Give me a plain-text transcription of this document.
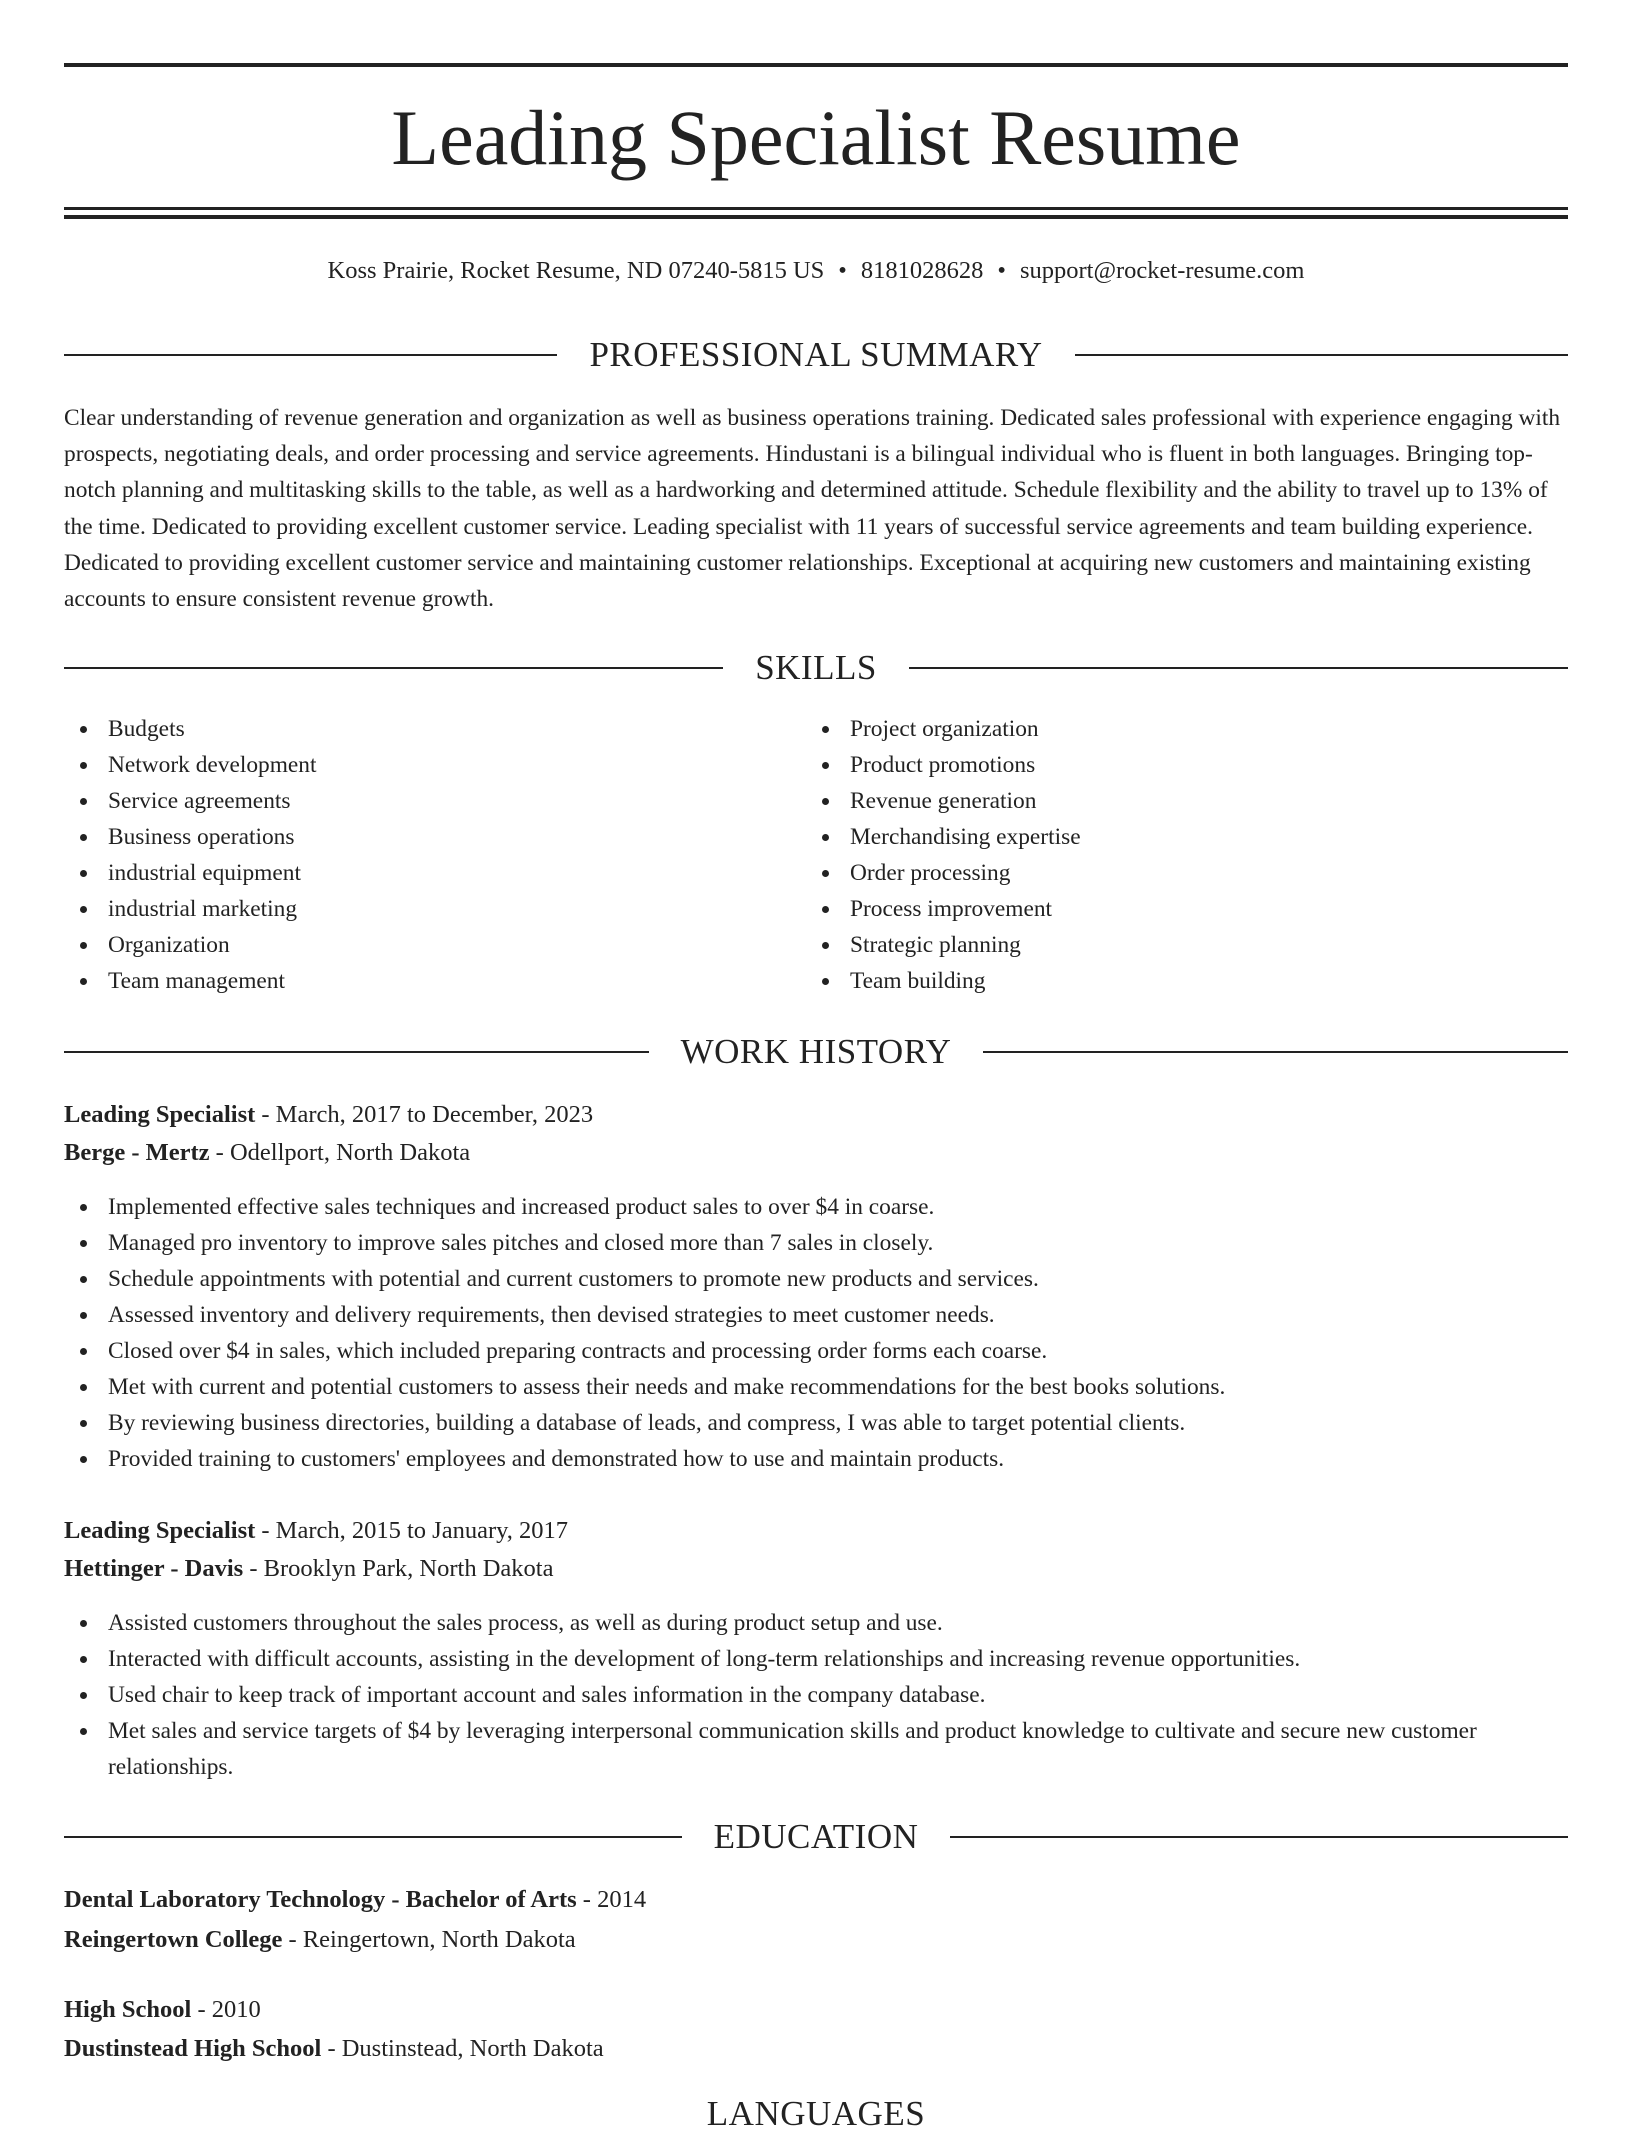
Leading Specialist Resume
Koss Prairie, Rocket Resume, ND 07240-5815 US • 8181028628 • support@rocket-resume.com
PROFESSIONAL SUMMARY

Clear understanding of revenue generation and organization as well as business operations training. Dedicated sales professional with experience engaging with prospects, negotiating deals, and order processing and service agreements. Hindustani is a bilingual individual who is fluent in both languages. Bringing top-notch planning and multitasking skills to the table, as well as a hardworking and determined attitude. Schedule flexibility and the ability to travel up to 13% of the time. Dedicated to providing excellent customer service. Leading specialist with 11 years of successful service agreements and team building experience. Dedicated to providing excellent customer service and maintaining customer relationships. Exceptional at acquiring new customers and maintaining existing accounts to ensure consistent revenue growth.

SKILLS
Budgets
Network development
Service agreements
Business operations
industrial equipment
industrial marketing
Organization
Team management
Project organization
Product promotions
Revenue generation
Merchandising expertise
Order processing
Process improvement
Strategic planning
Team building
WORK HISTORY
Leading Specialist - March, 2017 to December, 2023
Berge - Mertz - Odellport, North Dakota
Implemented effective sales techniques and increased product sales to over $4 in coarse.
Managed pro inventory to improve sales pitches and closed more than 7 sales in closely.
Schedule appointments with potential and current customers to promote new products and services.
Assessed inventory and delivery requirements, then devised strategies to meet customer needs.
Closed over $4 in sales, which included preparing contracts and processing order forms each coarse.
Met with current and potential customers to assess their needs and make recommendations for the best books solutions.
By reviewing business directories, building a database of leads, and compress, I was able to target potential clients.
Provided training to customers' employees and demonstrated how to use and maintain products.
Leading Specialist - March, 2015 to January, 2017
Hettinger - Davis - Brooklyn Park, North Dakota
Assisted customers throughout the sales process, as well as during product setup and use.
Interacted with difficult accounts, assisting in the development of long-term relationships and increasing revenue opportunities.
Used chair to keep track of important account and sales information in the company database.
Met sales and service targets of $4 by leveraging interpersonal communication skills and product knowledge to cultivate and secure new customer relationships.
EDUCATION
Dental Laboratory Technology - Bachelor of Arts - 2014
Reingertown College - Reingertown, North Dakota
High School - 2010
Dustinstead High School - Dustinstead, North Dakota
LANGUAGES
